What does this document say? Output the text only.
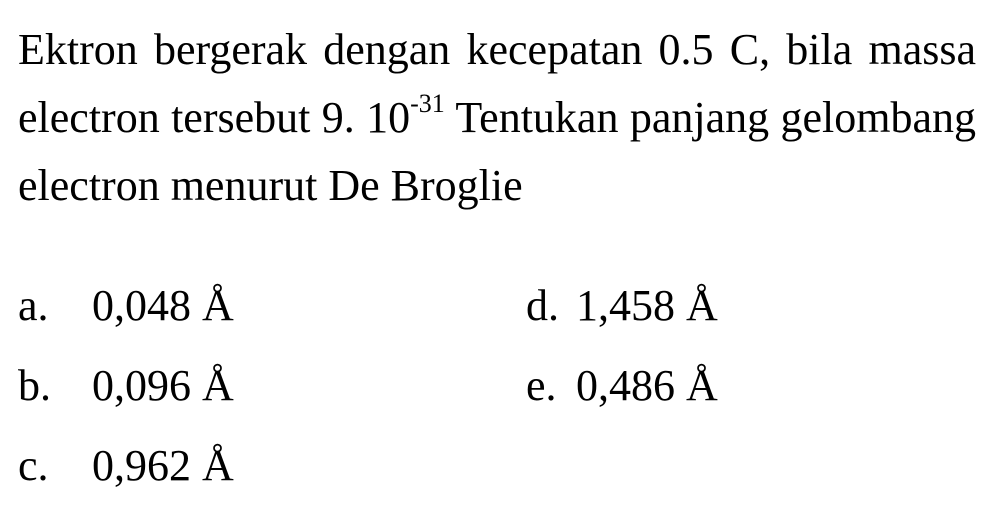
Ektron bergerak dengan kecepatan 0.5 C, bila massa electron tersebut 9. $10^{-31}$ Tentukan panjang gelombang electron menurut De Broglie

a. 0,048 Å
b. 0,096 Å
c. 0,962 Å
d. 1,458 Å
e. 0,486 Å
